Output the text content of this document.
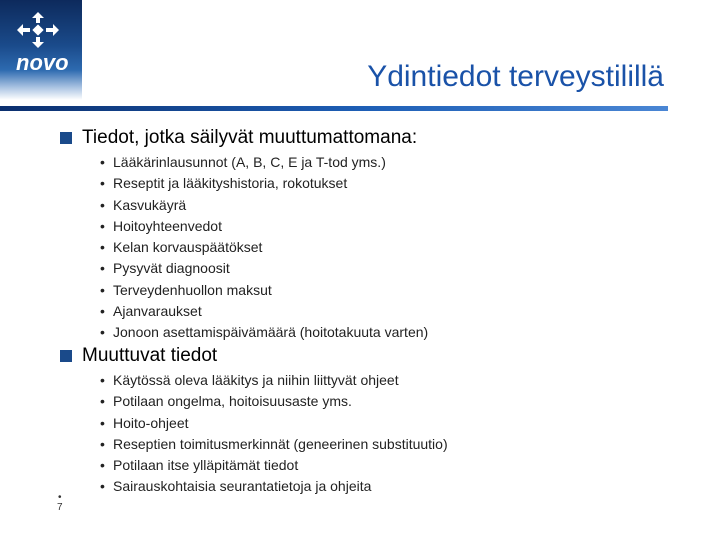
novo	Ydintiedot terveystilillä
Tiedot, jotka säilyvät muuttumattomana:
• Lääkärinlausunnot (A, B, C, E ja T-tod yms.)
• Reseptit ja lääkityshistoria, rokotukset
• Kasvukäyrä
• Hoitoyhteenvedot
• Kelan korvauspäätökset
• Pysyvät diagnoosit
• Terveydenhuollon maksut
• Ajanvaraukset
• Jonoon asettamispäivämäärä (hoitotakuuta varten)
Muuttuvat tiedot
• Käytössä oleva lääkitys ja niihin liittyvät ohjeet
• Potilaan ongelma, hoitoisuusaste yms.
• Hoito-ohjeet
• Reseptien toimitusmerkinnät (geneerinen substituutio)
• Potilaan itse ylläpitämät tiedot
• Sairauskohtaisia seurantatietoja ja ohjeita
•
7
